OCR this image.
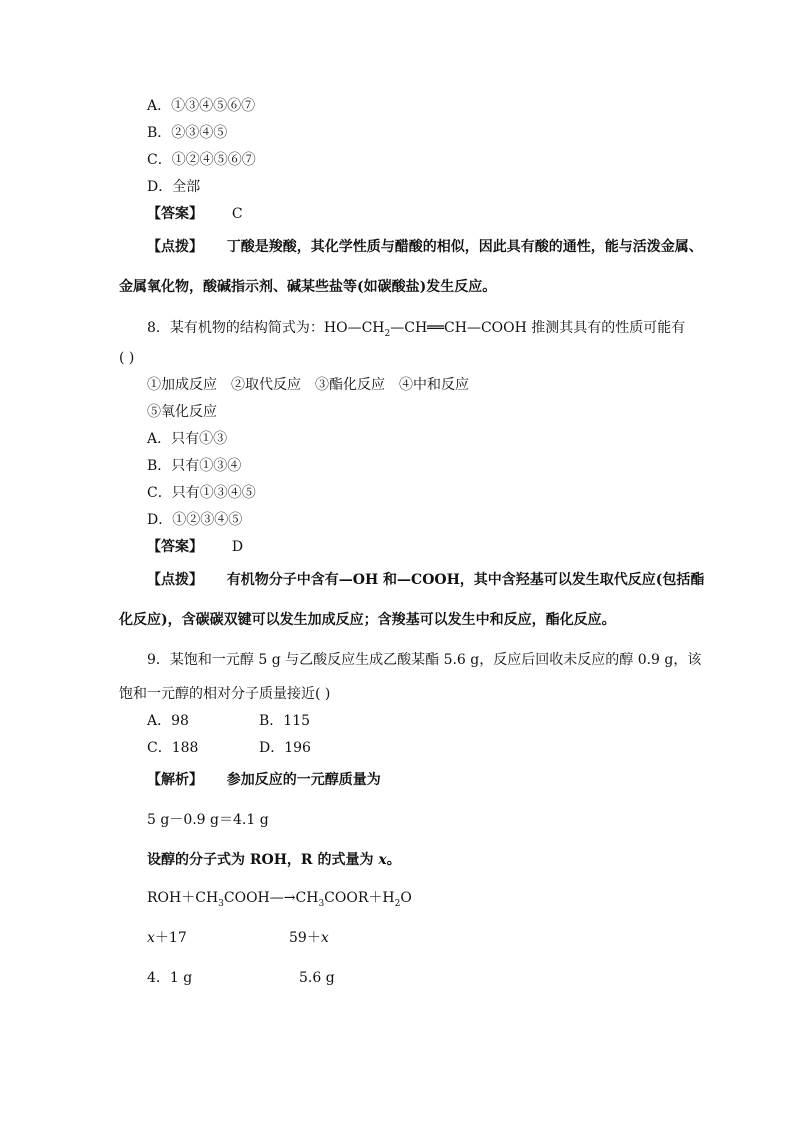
A．①③④⑤⑥⑦
B．②③④⑤
C．①②④⑤⑥⑦
D．全部
【答案】 C
【点拨】 丁酸是羧酸，其化学性质与醋酸的相似，因此具有酸的通性，能与活泼金属、
金属氧化物，酸碱指示剂、碱某些盐等(如碳酸盐)发生反应。
8．某有机物的结构简式为：$HO—CH_2—CH══CH—COOH$ 推测其具有的性质可能有
( )
①加成反应　②取代反应　③酯化反应　④中和反应
⑤氧化反应
A．只有①③
B．只有①③④
C．只有①③④⑤
D．①②③④⑤
【答案】 D
【点拨】 有机物分子中含有—OH 和—COOH，其中含羟基可以发生取代反应(包括酯
化反应)，含碳碳双键可以发生加成反应；含羧基可以发生中和反应，酯化反应。
9．某饱和一元醇 5 g 与乙酸反应生成乙酸某酯 5.6 g，反应后回收未反应的醇 0.9 g，该
饱和一元醇的相对分子质量接近( )
A．98	B．115
C．188	D．196
【解析】 参加反应的一元醇质量为
5 g－0.9 g＝4.1 g
设醇的分子式为 ROH，R 的式量为 x。
$ROH+CH_3COOH—\to CH_3COOR+H_2O$
x＋17	59＋x
4．1 g	5.6 g
